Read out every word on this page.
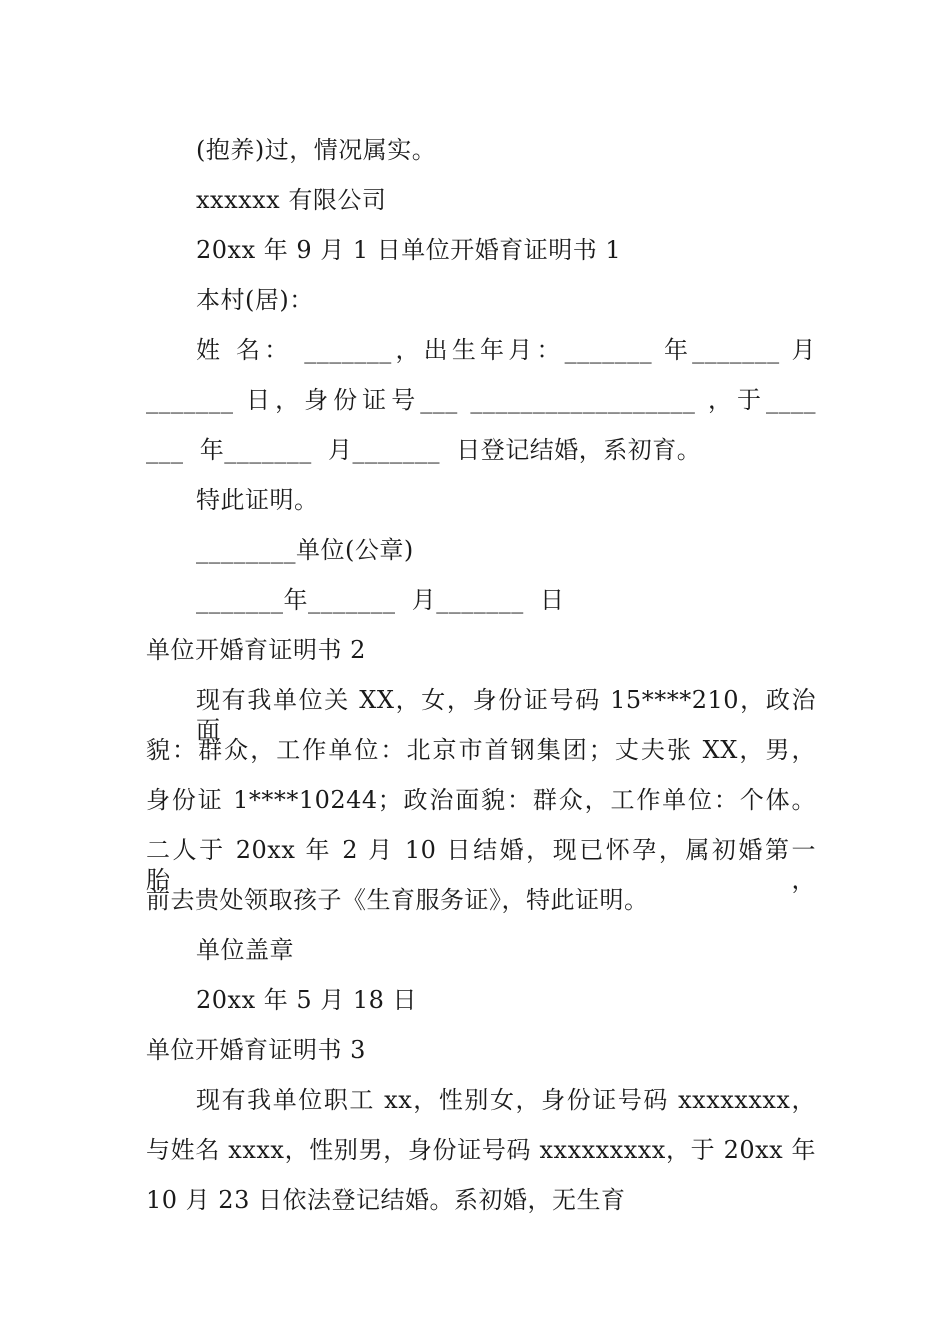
(抱养)过，情况属实。
xxxxxx 有限公司
20xx 年 9 月 1 日单位开婚育证明书 1
本村(居)：
姓 名： _______，出生年月：_______ 年_______ 月
_______ 日，身份证号___ __________________ ，于____
___  年_______  月_______  日登记结婚，系初育。
特此证明。
________单位(公章)
_______年_______  月_______  日
单位开婚育证明书 2
现有我单位关 XX，女，身份证号码 15****210，政治面
貌：群众，工作单位：北京市首钢集团；丈夫张 XX，男，
身份证 1****10244；政治面貌：群众，工作单位：个体。
二人于 20xx 年 2 月 10 日结婚，现已怀孕，属初婚第一胎，
前去贵处领取孩子《生育服务证》，特此证明。
单位盖章
20xx 年 5 月 18 日
单位开婚育证明书 3
现有我单位职工 xx，性别女，身份证号码 xxxxxxxx，
与姓名 xxxx，性别男，身份证号码 xxxxxxxxx，于 20xx 年
10 月 23 日依法登记结婚。系初婚，无生育
